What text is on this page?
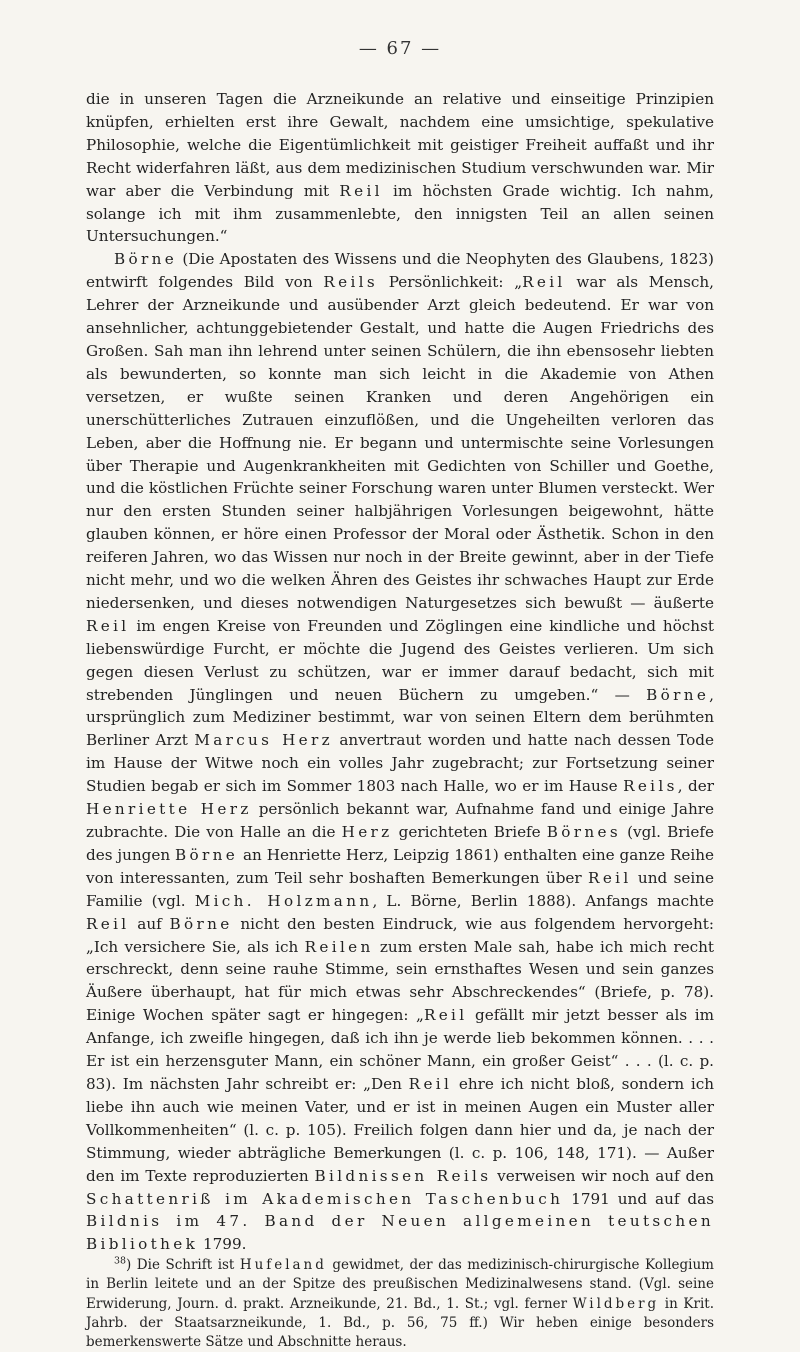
— 67 —

die in unseren Tagen die Arzneikunde an relative und einseitige Prinzipien knüpfen, erhielten erst ihre Gewalt, nachdem eine umsichtige, spekulative Philosophie, welche die Eigentümlichkeit mit geistiger Freiheit auffaßt und ihr Recht widerfahren läßt, aus dem medizinischen Studium verschwunden war. Mir war aber die Verbindung mit Reil im höchsten Grade wichtig. Ich nahm, solange ich mit ihm zusammenlebte, den innigsten Teil an allen seinen Untersuchungen.“

Börne (Die Apostaten des Wissens und die Neophyten des Glaubens, 1823) entwirft folgendes Bild von Reils Persönlichkeit: „Reil war als Mensch, Lehrer der Arzneikunde und ausübender Arzt gleich bedeutend. Er war von ansehnlicher, achtunggebietender Gestalt, und hatte die Augen Friedrichs des Großen. Sah man ihn lehrend unter seinen Schülern, die ihn ebensosehr liebten als bewunderten, so konnte man sich leicht in die Akademie von Athen versetzen, er wußte seinen Kranken und deren Angehörigen ein unerschütterliches Zutrauen einzuflößen, und die Ungeheilten verloren das Leben, aber die Hoffnung nie. Er begann und untermischte seine Vorlesungen über Therapie und Augenkrankheiten mit Gedichten von Schiller und Goethe, und die köstlichen Früchte seiner Forschung waren unter Blumen versteckt. Wer nur den ersten Stunden seiner halbjährigen Vorlesungen beigewohnt, hätte glauben können, er höre einen Professor der Moral oder Ästhetik. Schon in den reiferen Jahren, wo das Wissen nur noch in der Breite gewinnt, aber in der Tiefe nicht mehr, und wo die welken Ähren des Geistes ihr schwaches Haupt zur Erde niedersenken, und dieses notwendigen Naturgesetzes sich bewußt — äußerte Reil im engen Kreise von Freunden und Zöglingen eine kindliche und höchst liebenswürdige Furcht, er möchte die Jugend des Geistes verlieren. Um sich gegen diesen Verlust zu schützen, war er immer darauf bedacht, sich mit strebenden Jünglingen und neuen Büchern zu umgeben.“ — Börne, ursprünglich zum Mediziner bestimmt, war von seinen Eltern dem berühmten Berliner Arzt Marcus Herz anvertraut worden und hatte nach dessen Tode im Hause der Witwe noch ein volles Jahr zugebracht; zur Fortsetzung seiner Studien begab er sich im Sommer 1803 nach Halle, wo er im Hause Reils, der Henriette Herz persönlich bekannt war, Aufnahme fand und einige Jahre zubrachte. Die von Halle an die Herz gerichteten Briefe Börnes (vgl. Briefe des jungen Börne an Henriette Herz, Leipzig 1861) enthalten eine ganze Reihe von interessanten, zum Teil sehr boshaften Bemerkungen über Reil und seine Familie (vgl. Mich. Holzmann, L. Börne, Berlin 1888). Anfangs machte Reil auf Börne nicht den besten Eindruck, wie aus folgendem hervorgeht: „Ich versichere Sie, als ich Reilen zum ersten Male sah, habe ich mich recht erschreckt, denn seine rauhe Stimme, sein ernsthaftes Wesen und sein ganzes Äußere überhaupt, hat für mich etwas sehr Abschreckendes“ (Briefe, p. 78). Einige Wochen später sagt er hingegen: „Reil gefällt mir jetzt besser als im Anfange, ich zweifle hingegen, daß ich ihn je werde lieb bekommen können. . . . Er ist ein herzensguter Mann, ein schöner Mann, ein großer Geist“ . . . (l. c. p. 83). Im nächsten Jahr schreibt er: „Den Reil ehre ich nicht bloß, sondern ich liebe ihn auch wie meinen Vater, und er ist in meinen Augen ein Muster aller Vollkommenheiten“ (l. c. p. 105). Freilich folgen dann hier und da, je nach der Stimmung, wieder abträgliche Bemerkungen (l. c. p. 106, 148, 171). — Außer den im Texte reproduzierten Bildnissen Reils verweisen wir noch auf den Schattenriß im Akademischen Taschenbuch 1791 und auf das Bildnis im 47. Band der Neuen allgemeinen teutschen Bibliothek 1799.

$^{38}$) Die Schrift ist Hufeland gewidmet, der das medizinisch-chirurgische Kollegium in Berlin leitete und an der Spitze des preußischen Medizinalwesens stand. (Vgl. seine Erwiderung, Journ. d. prakt. Arzneikunde, 21. Bd., 1. St.; vgl. ferner Wildberg in Krit. Jahrb. der Staatsarzneikunde, 1. Bd., p. 56, 75 ff.) Wir heben einige besonders bemerkenswerte Sätze und Abschnitte heraus.
